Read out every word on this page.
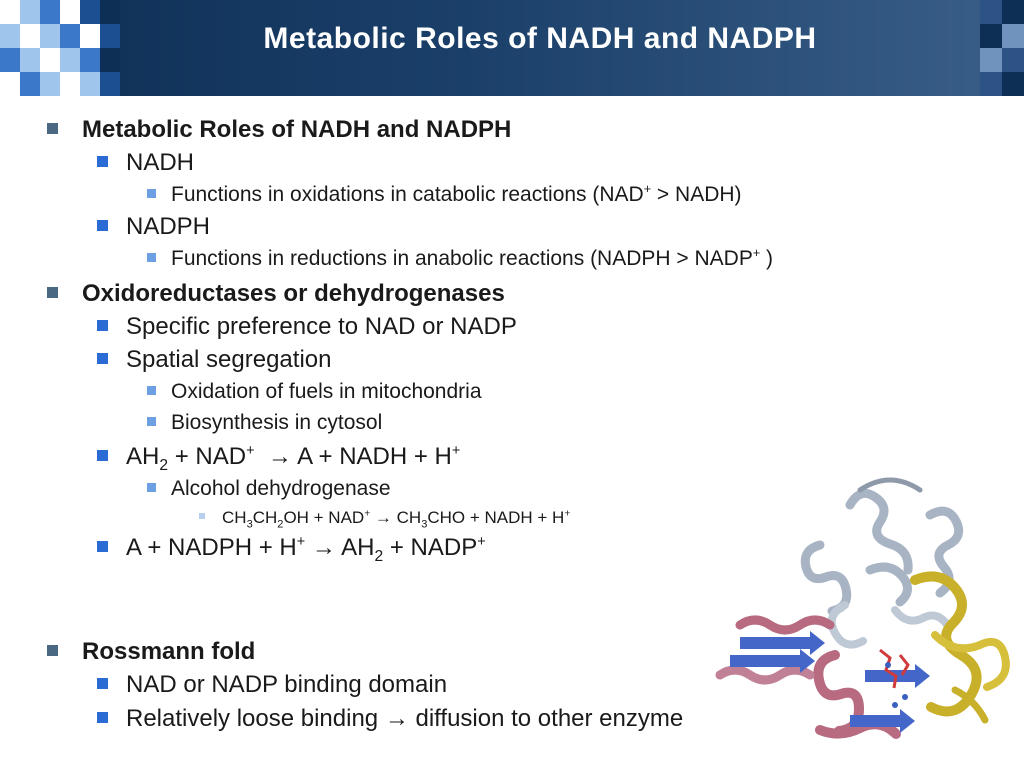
Metabolic Roles of NADH and NADPH
Metabolic Roles of NADH and NADPH
NADH
Functions in oxidations in catabolic reactions (NAD+ > NADH)
NADPH
Functions in reductions in anabolic reactions (NADPH > NADP+ )
Oxidoreductases or dehydrogenases
Specific preference to NAD or NADP
Spatial segregation
Oxidation of fuels in mitochondria
Biosynthesis in cytosol
$AH_2 + NAD^+ \to A$ + NADH + H+
Alcohol dehydrogenase
$CH_3CH_2OH + NAD^+ \to CH_3CHO$ + NADH + H+
A + NADPH + $H^+ \to AH_2$ + NADP+
Rossmann fold
NAD or NADP binding domain
Relatively loose binding → diffusion to other enzyme
